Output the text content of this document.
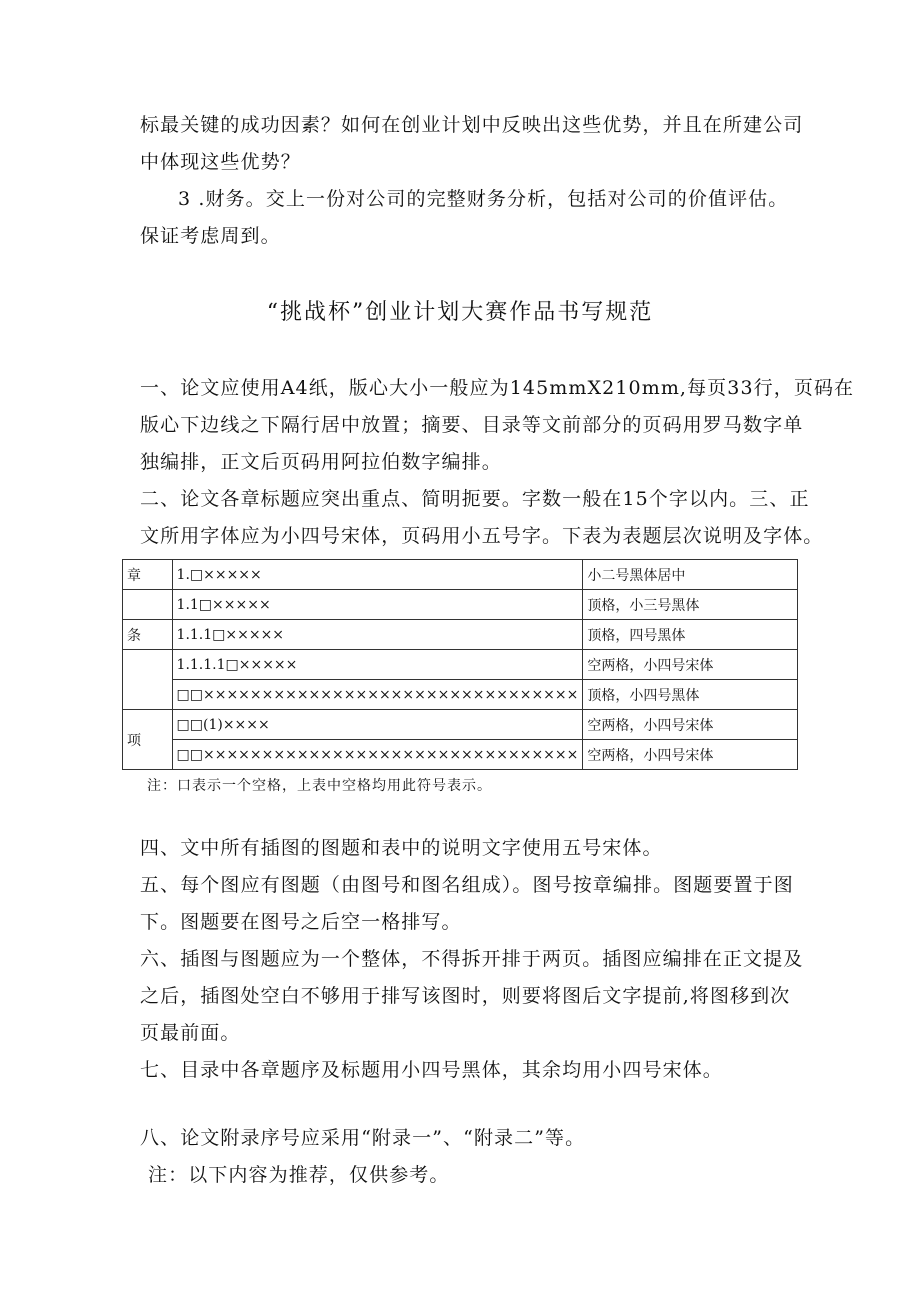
标最关键的成功因素？如何在创业计划中反映出这些优势，并且在所建公司
中体现这些优势？
3 .财务。交上一份对公司的完整财务分析，包括对公司的价值评估。
保证考虑周到。
“挑战杯”创业计划大赛作品书写规范
一、论文应使用A4纸，版心大小一般应为145mmX210mm,每页33行，页码在
版心下边线之下隔行居中放置；摘要、目录等文前部分的页码用罗马数字单
独编排，正文后页码用阿拉伯数字编排。
二、论文各章标题应突出重点、简明扼要。字数一般在15个字以内。三、正
文所用字体应为小四号宋体，页码用小五号字。下表为表题层次说明及字体。
章	1.□×××××	小二号黑体居中
	1.1□×××××	顶格，小三号黑体
条	1.1.1□×××××	顶格，四号黑体
	1.1.1.1□×××××	空两格，小四号宋体
	□□××××××××××××××××××××××××××××××××	顶格，小四号黑体
项	□□(1)××××	空两格，小四号宋体
	□□××××××××××××××××××××××××××××××××	空两格，小四号宋体
注：口表示一个空格，上表中空格均用此符号表示。
四、文中所有插图的图题和表中的说明文字使用五号宋体。
五、每个图应有图题（由图号和图名组成）。图号按章编排。图题要置于图
下。图题要在图号之后空一格排写。
六、插图与图题应为一个整体，不得拆开排于两页。插图应编排在正文提及
之后，插图处空白不够用于排写该图时，则要将图后文字提前,将图移到次
页最前面。
七、目录中各章题序及标题用小四号黑体，其余均用小四号宋体。
八、论文附录序号应采用“附录一”、“附录二”等。
注：以下内容为推荐，仅供参考。
